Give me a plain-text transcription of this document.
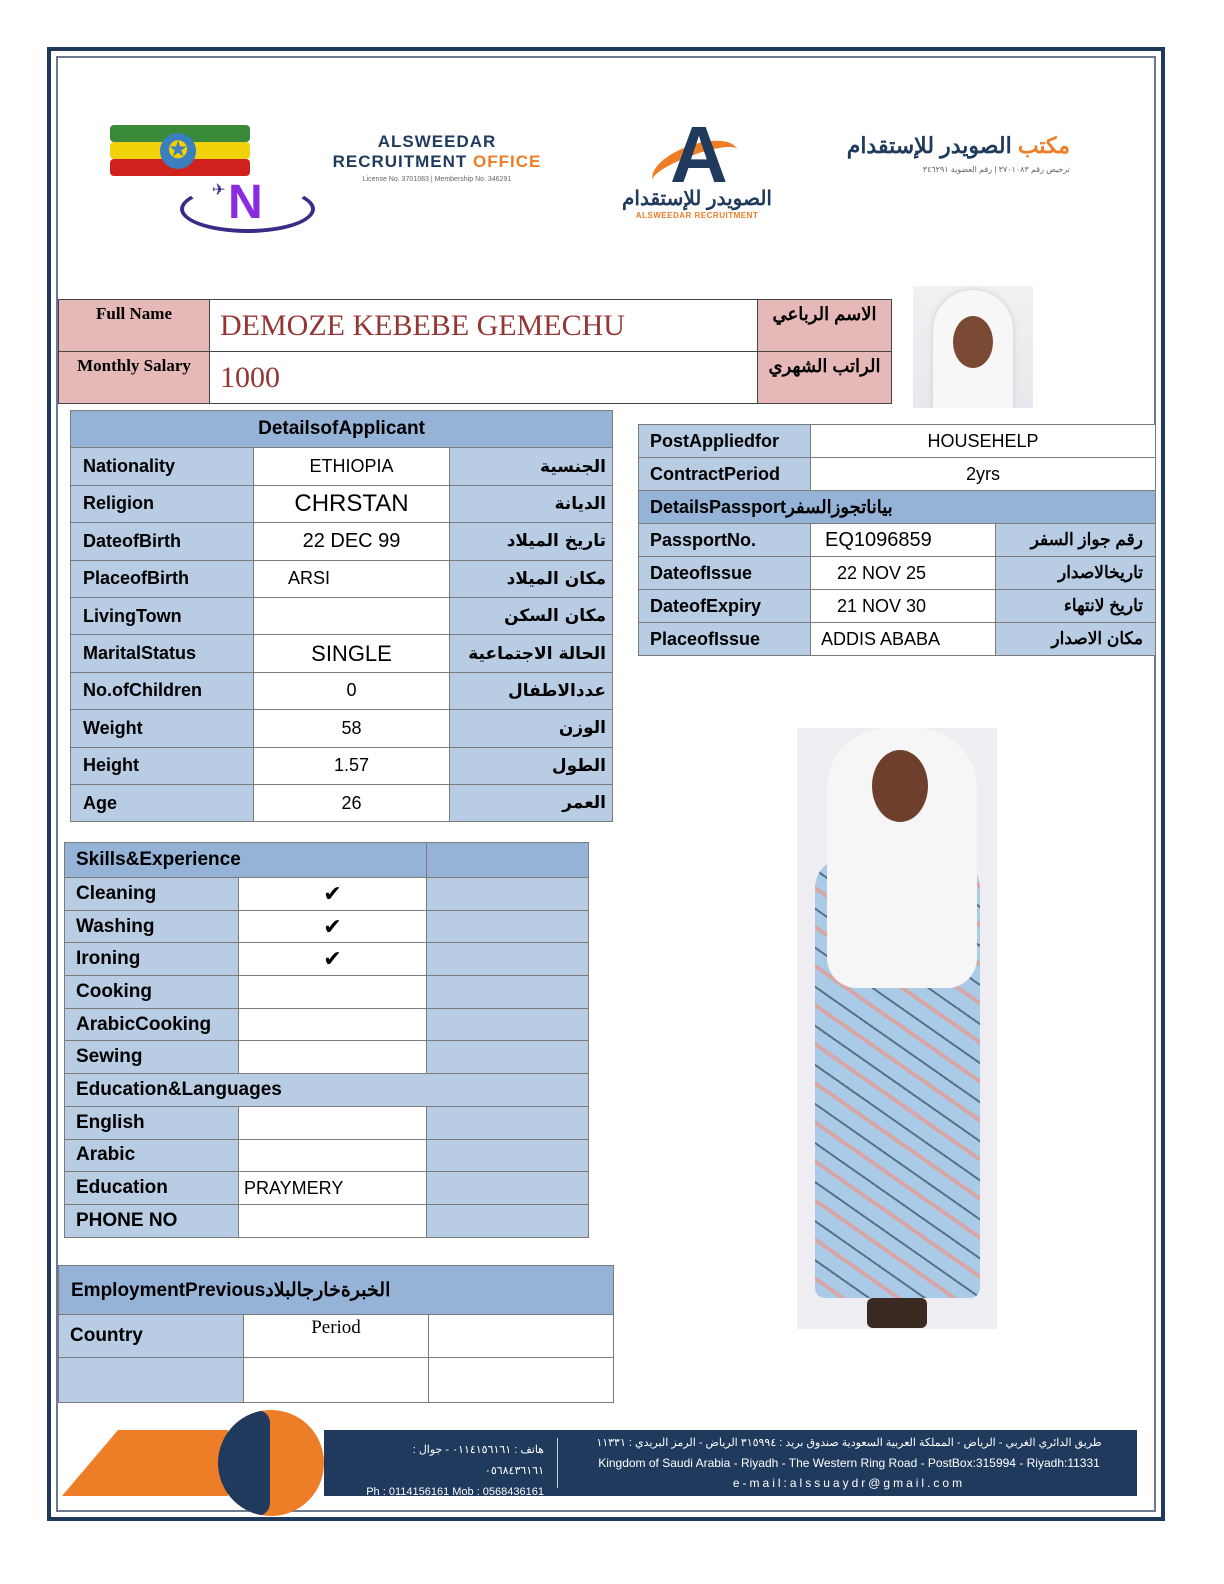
✪
✈ N
ALSWEEDAR
RECRUITMENT OFFICE
License No. 3701083 | Membership No. 346291	A
الصويدر للإستقدام
ALSWEEDAR RECRUITMENT
مكتب الصويدر للإستقدام
ترخيص رقم ٣٧٠١٠٨٣ | رقم العضوية ٣٤٦٢٩١
Full Name	DEMOZE KEBEBE GEMECHU	الاسم الرباعي
Monthly Salary	1000	الراتب الشهري
DetailsofApplicant		
Nationality	ETHIOPIA	الجنسية
Religion	CHRSTAN	الديانة
DateofBirth	22 DEC 99	تاريخ الميلاد
PlaceofBirth	ARSI	مكان الميلاد
LivingTown		مكان السكن
MaritalStatus	SINGLE	الحالة الاجتماعية
No.ofChildren	0	عددالاطفال
Weight	58	الوزن
Height	1.57	الطول
Age	26	العمر
PostAppliedfor	HOUSEHELP	
ContractPeriod	2yrs	
DetailsPassportبياناتجوزالسفر		
PassportNo.	EQ1096859	رقم جواز السفر
DateofIssue	22 NOV 25	تاريخالاصدار
DateofExpiry	21 NOV 30	تاريخ لانتهاء
PlaceofIssue	ADDIS ABABA	مكان الاصدار
Skills&Experience		
Cleaning	✔	
Washing	✔	
Ironing	✔	
Cooking		
ArabicCooking		
Sewing		
Education&Languages		
English		
Arabic		
Education	PRAYMERY	
PHONE NO		
EmploymentPreviousالخبرةخارجالبلاد		
Country	Period	

هاتف : ٠١١٤١٥٦١٦١ - جوال : ٠٥٦٨٤٣٦١٦١
Ph : 0114156161 Mob : 0568436161
طريق الدائري الغربي - الرياض - المملكة العربية السعودية صندوق بريد : ٣١٥٩٩٤ الرياض - الرمز البريدي : ١١٣٣١
Kingdom of Saudi Arabia - Riyadh - The Western Ring Road - PostBox:315994 - Riyadh:11331
e-mail:alssuaydr@gmail.com
